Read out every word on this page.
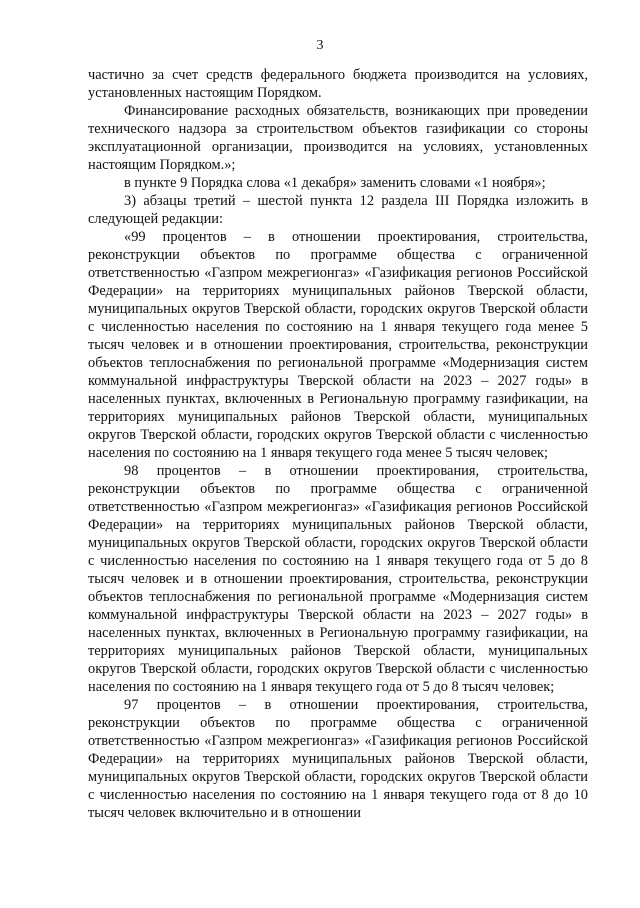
3

частично за счет средств федерального бюджета производится на условиях, установленных настоящим Порядком.

Финансирование расходных обязательств, возникающих при проведении технического надзора за строительством объектов газификации со стороны эксплуатационной организации, производится на условиях, установленных настоящим Порядком.»;

в пункте 9 Порядка слова «1 декабря» заменить словами «1 ноября»;

3) абзацы третий – шестой пункта 12 раздела III Порядка изложить в следующей редакции:

«99 процентов – в отношении проектирования, строительства, реконструкции объектов по программе общества с ограниченной ответственностью «Газпром межрегионгаз» «Газификация регионов Российской Федерации» на территориях муниципальных районов Тверской области, муниципальных округов Тверской области, городских округов Тверской области с численностью населения по состоянию на 1 января текущего года менее 5 тысяч человек и в отношении проектирования, строительства, реконструкции объектов теплоснабжения по региональной программе «Модернизация систем коммунальной инфраструктуры Тверской области на 2023 – 2027 годы» в населенных пунктах, включенных в Региональную программу газификации, на территориях муниципальных районов Тверской области, муниципальных округов Тверской области, городских округов Тверской области с численностью населения по состоянию на 1 января текущего года менее 5 тысяч человек;

98 процентов – в отношении проектирования, строительства, реконструкции объектов по программе общества с ограниченной ответственностью «Газпром межрегионгаз» «Газификация регионов Российской Федерации» на территориях муниципальных районов Тверской области, муниципальных округов Тверской области, городских округов Тверской области с численностью населения по состоянию на 1 января текущего года от 5 до 8 тысяч человек и в отношении проектирования, строительства, реконструкции объектов теплоснабжения по региональной программе «Модернизация систем коммунальной инфраструктуры Тверской области на 2023 – 2027 годы» в населенных пунктах, включенных в Региональную программу газификации, на территориях муниципальных районов Тверской области, муниципальных округов Тверской области, городских округов Тверской области с численностью населения по состоянию на 1 января текущего года от 5 до 8 тысяч человек;

97 процентов – в отношении проектирования, строительства, реконструкции объектов по программе общества с ограниченной ответственностью «Газпром межрегионгаз» «Газификация регионов Российской Федерации» на территориях муниципальных районов Тверской области, муниципальных округов Тверской области, городских округов Тверской области с численностью населения по состоянию на 1 января текущего года от 8 до 10 тысяч человек включительно и в отношении
